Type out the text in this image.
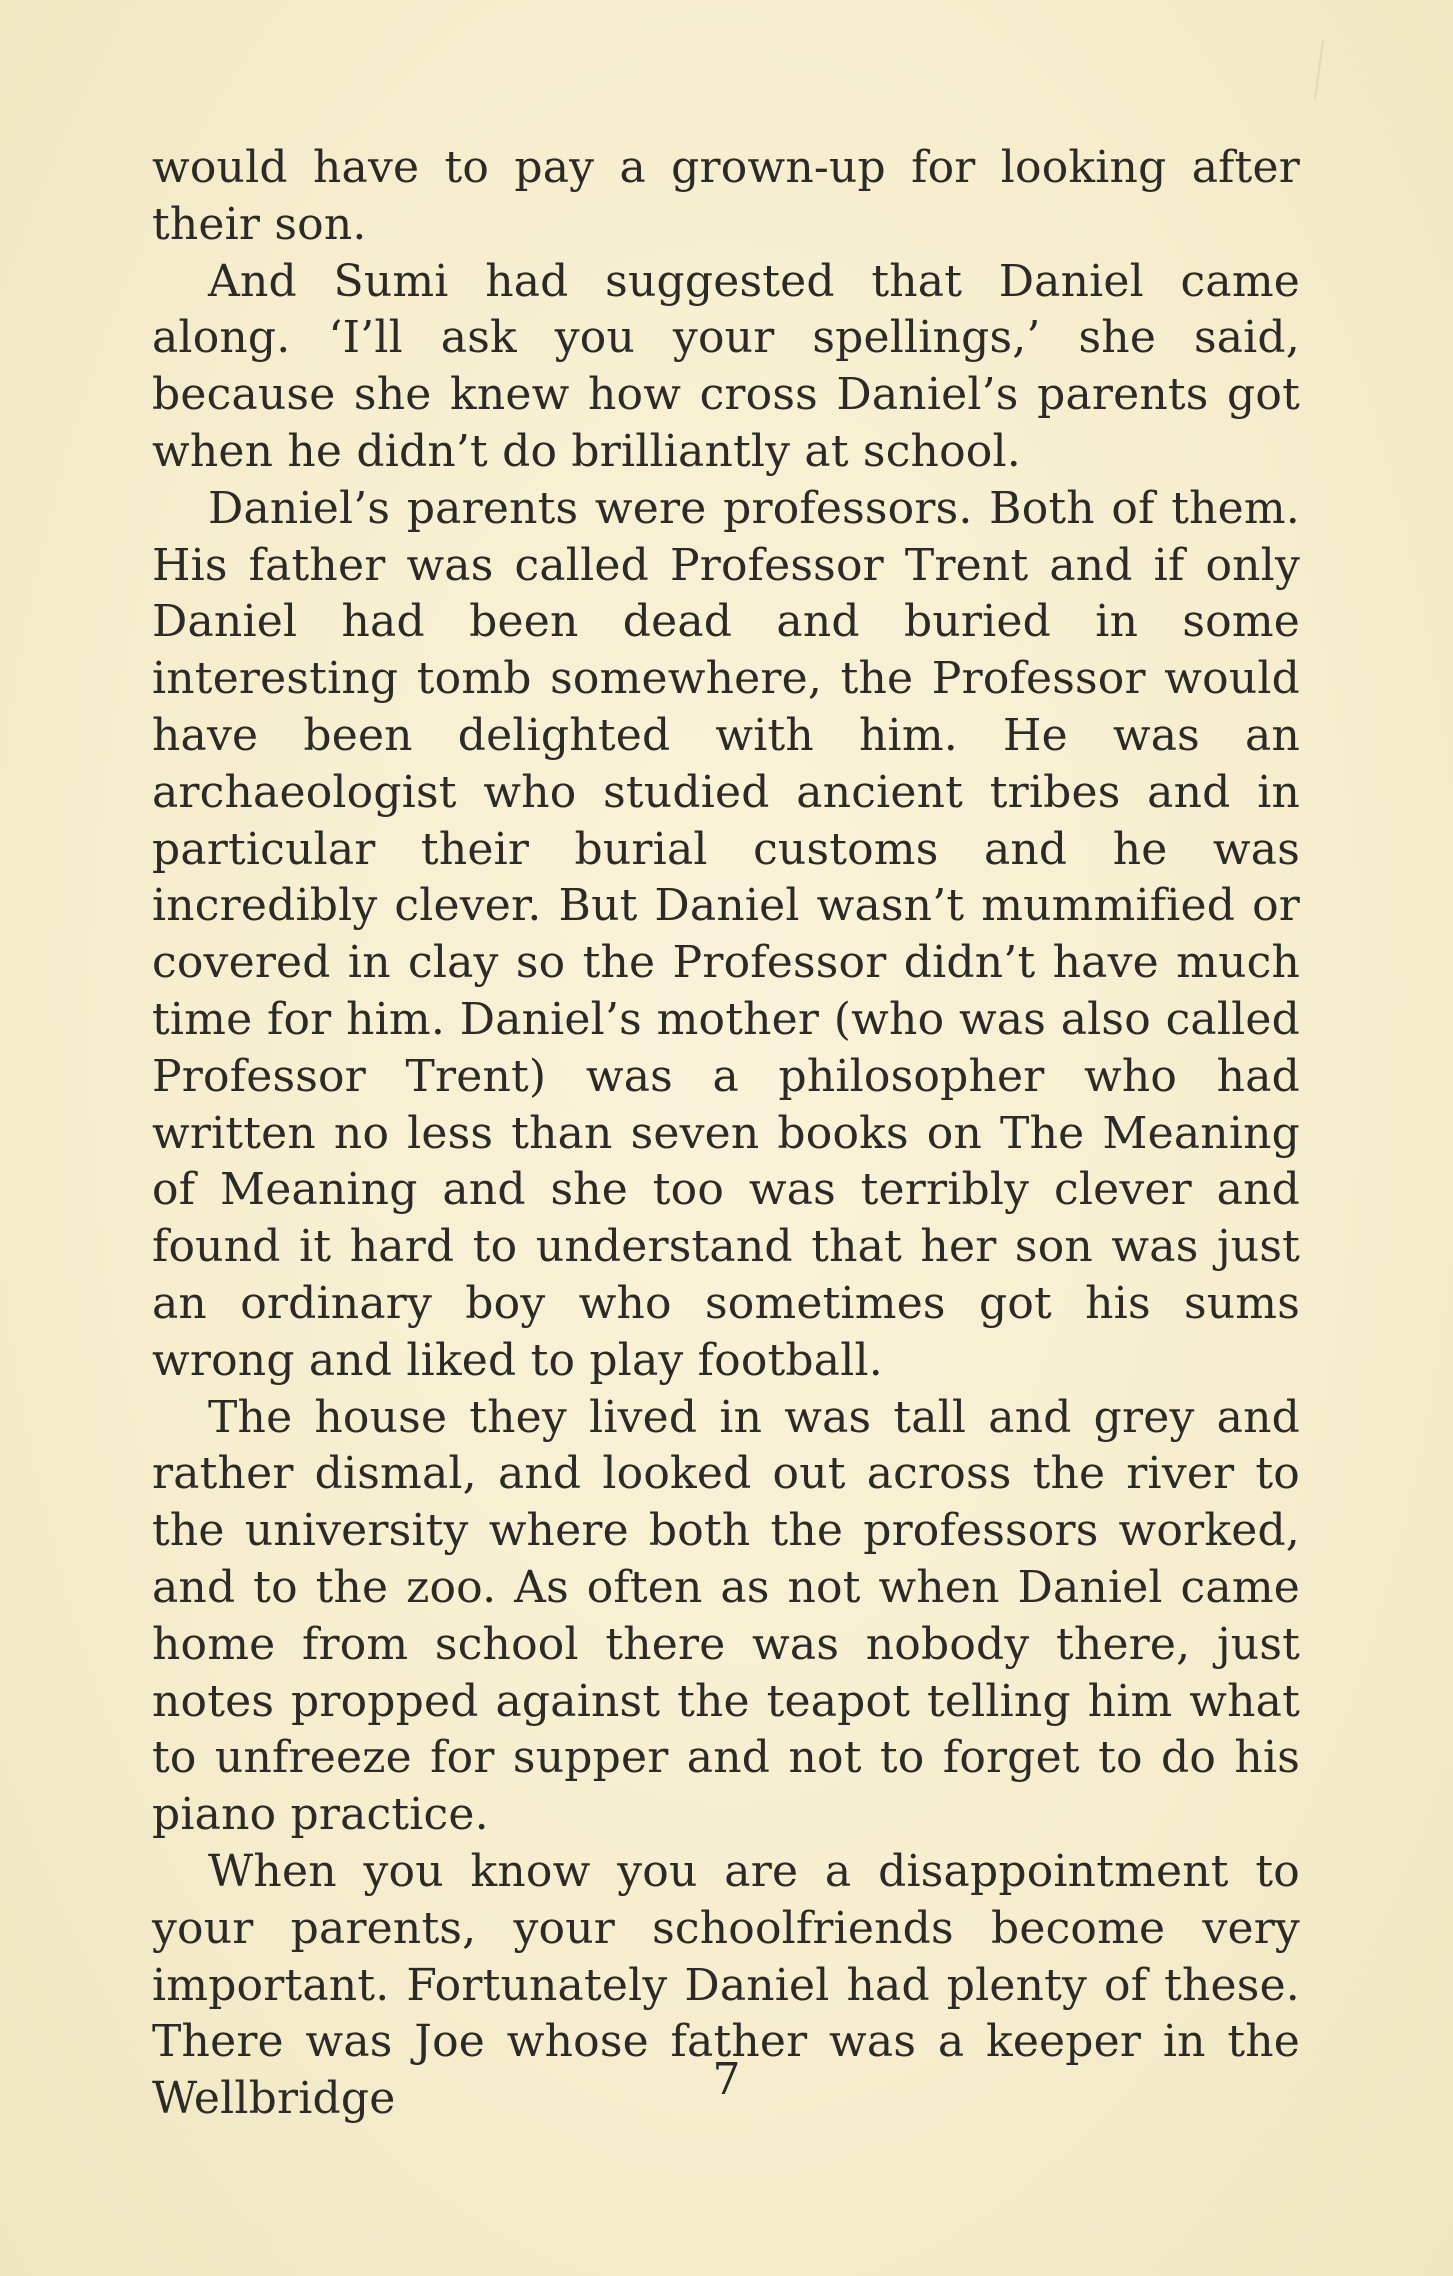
would have to pay a grown-up for looking after their son.

And Sumi had suggested that Daniel came along. ‘I’ll ask you your spellings,’ she said, because she knew how cross Daniel’s parents got when he didn’t do brilliantly at school.

Daniel’s parents were professors. Both of them. His father was called Professor Trent and if only Daniel had been dead and buried in some interesting tomb somewhere, the Professor would have been delighted with him. He was an archaeologist who studied ancient tribes and in particular their burial customs and he was incredibly clever. But Daniel wasn’t mummified or covered in clay so the Professor didn’t have much time for him. Daniel’s mother (who was also called Professor Trent) was a philosopher who had written no less than seven books on The Meaning of Meaning and she too was terribly clever and found it hard to understand that her son was just an ordinary boy who sometimes got his sums wrong and liked to play football.

The house they lived in was tall and grey and rather dismal, and looked out across the river to the university where both the professors worked, and to the zoo. As often as not when Daniel came home from school there was nobody there, just notes propped against the teapot telling him what to unfreeze for supper and not to forget to do his piano practice.

When you know you are a disappointment to your parents, your schoolfriends become very important. Fortunately Daniel had plenty of these. There was Joe whose father was a keeper in the Wellbridge	7
